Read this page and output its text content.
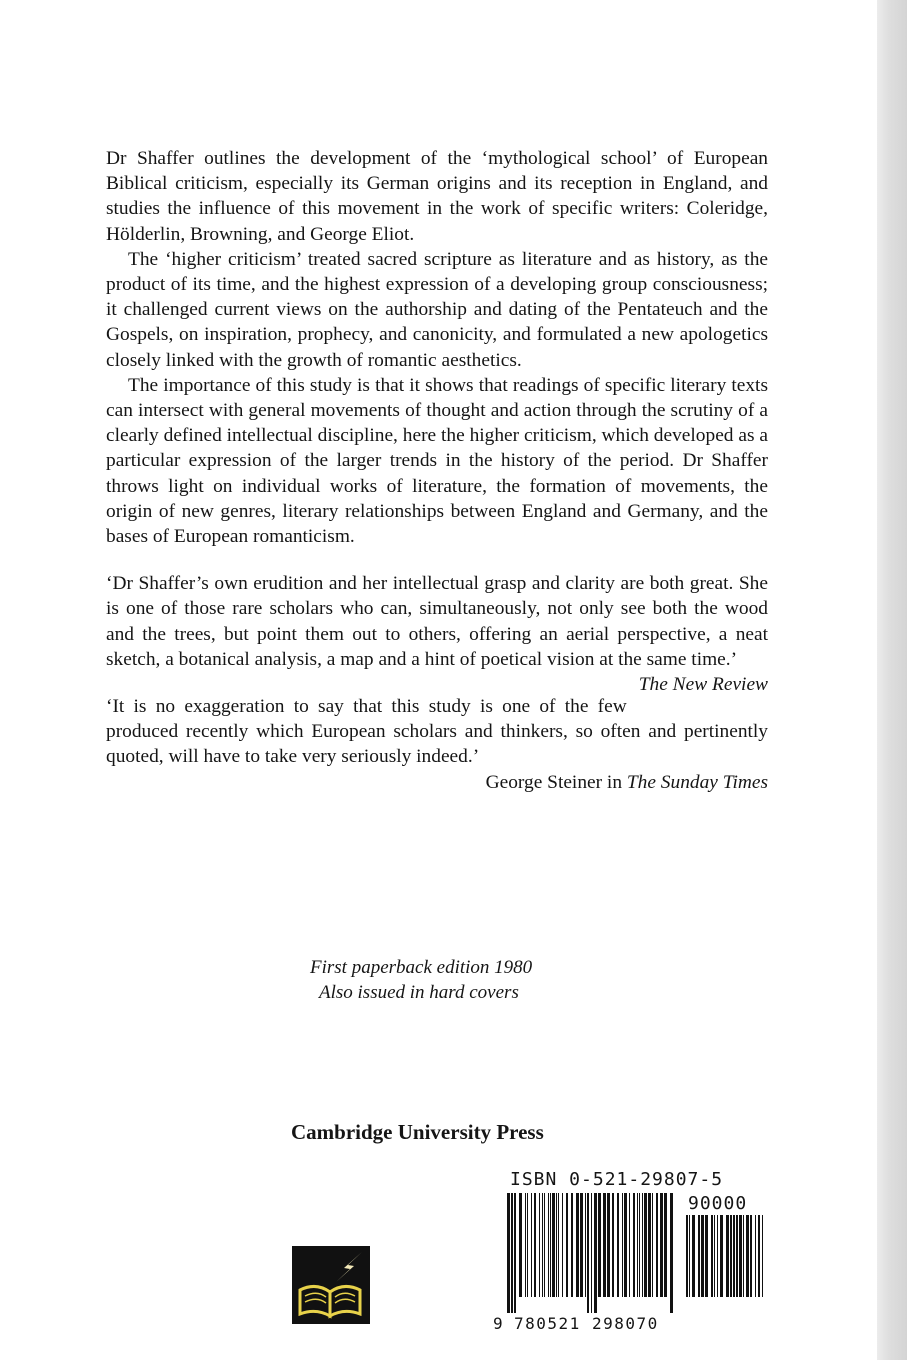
Dr Shaffer outlines the development of the ‘mythological school’ of European Biblical criticism, especially its German origins and its reception in England, and studies the influence of this movement in the work of specific writers: Coleridge, Hölderlin, Browning, and George Eliot.

The ‘higher criticism’ treated sacred scripture as literature and as history, as the product of its time, and the highest expression of a developing group consciousness; it challenged current views on the authorship and dating of the Pentateuch and the Gospels, on inspiration, prophecy, and canonicity, and formulated a new apologetics closely linked with the growth of romantic aesthetics.

The importance of this study is that it shows that readings of specific literary texts can intersect with general movements of thought and action through the scrutiny of a clearly defined intellectual discipline, here the higher criticism, which developed as a particular expression of the larger trends in the history of the period. Dr Shaffer throws light on individual works of literature, the formation of movements, the origin of new genres, literary relationships between England and Germany, and the bases of European romanticism.

‘Dr Shaffer’s own erudition and her intellectual grasp and clarity are both great. She is one of those rare scholars who can, simultaneously, not only see both the wood and the trees, but point them out to others, offering an aerial perspective, a neat sketch, a botanical analysis, a map and a hint of poetical vision at the same time.’
The New Review

‘It is no exaggeration to say that this study is one of the few produced recently which European scholars and thinkers, so often and pertinently quoted, will have to take very seriously indeed.’

George Steiner in The Sunday Times
First paperback edition 1980
Also issued in hard covers
Cambridge University Press
ISBN 0-521-29807-5
90000
9 780521 298070
